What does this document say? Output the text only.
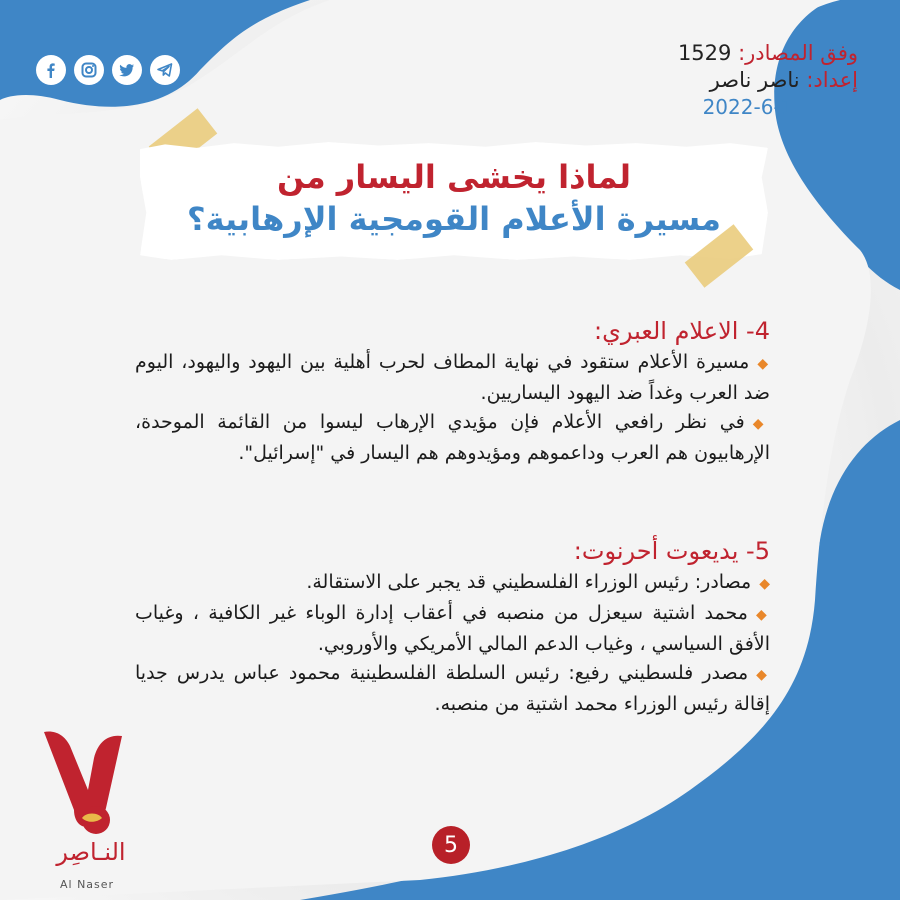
وفق المصادر: 1529
إعداد: ناصر ناصر
2022-6-1
لماذا يخشى اليسار من
مسيرة الأعلام القومجية الإرهابية؟
4- الاعلام العبري:

◆مسيرة الأعلام ستقود في نهاية المطاف لحرب أهلية بين اليهود واليهود، اليوم ضد العرب وغداً ضد اليهود اليساريين.

◆في نظر رافعي الأعلام فإن مؤيدي الإرهاب ليسوا من القائمة الموحدة، الإرهابيون هم العرب وداعموهم ومؤيدوهم هم اليسار في "إسرائيل".

5- يديعوت أحرنوت:

◆مصادر: رئيس الوزراء الفلسطيني قد يجبر على الاستقالة.

◆محمد اشتية سيعزل من منصبه في أعقاب إدارة الوباء غير الكافية ، وغياب الأفق السياسي ، وغياب الدعم المالي الأمريكي والأوروبي.

◆مصدر فلسطيني رفيع: رئيس السلطة الفلسطينية محمود عباس يدرس جديا إقالة رئيس الوزراء محمد اشتية من منصبه.

النـاصِر
Al Naser
5
